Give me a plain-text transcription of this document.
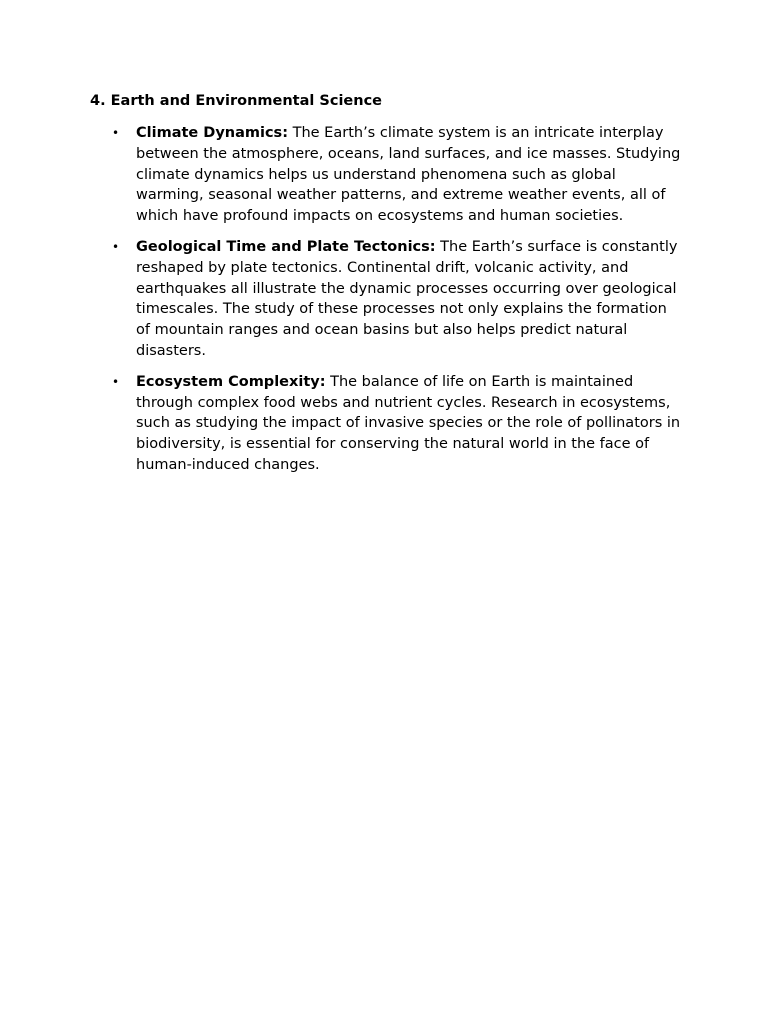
4. Earth and Environmental Science
• Climate Dynamics: The Earth’s climate system is an intricate interplay between the atmosphere, oceans, land surfaces, and ice masses. Studying climate dynamics helps us understand phenomena such as global warming, seasonal weather patterns, and extreme weather events, all of which have profound impacts on ecosystems and human societies.
• Geological Time and Plate Tectonics: The Earth’s surface is constantly reshaped by plate tectonics. Continental drift, volcanic activity, and earthquakes all illustrate the dynamic processes occurring over geological timescales. The study of these processes not only explains the formation of mountain ranges and ocean basins but also helps predict natural disasters.
• Ecosystem Complexity: The balance of life on Earth is maintained through complex food webs and nutrient cycles. Research in ecosystems, such as studying the impact of invasive species or the role of pollinators in biodiversity, is essential for conserving the natural world in the face of human-induced changes.
